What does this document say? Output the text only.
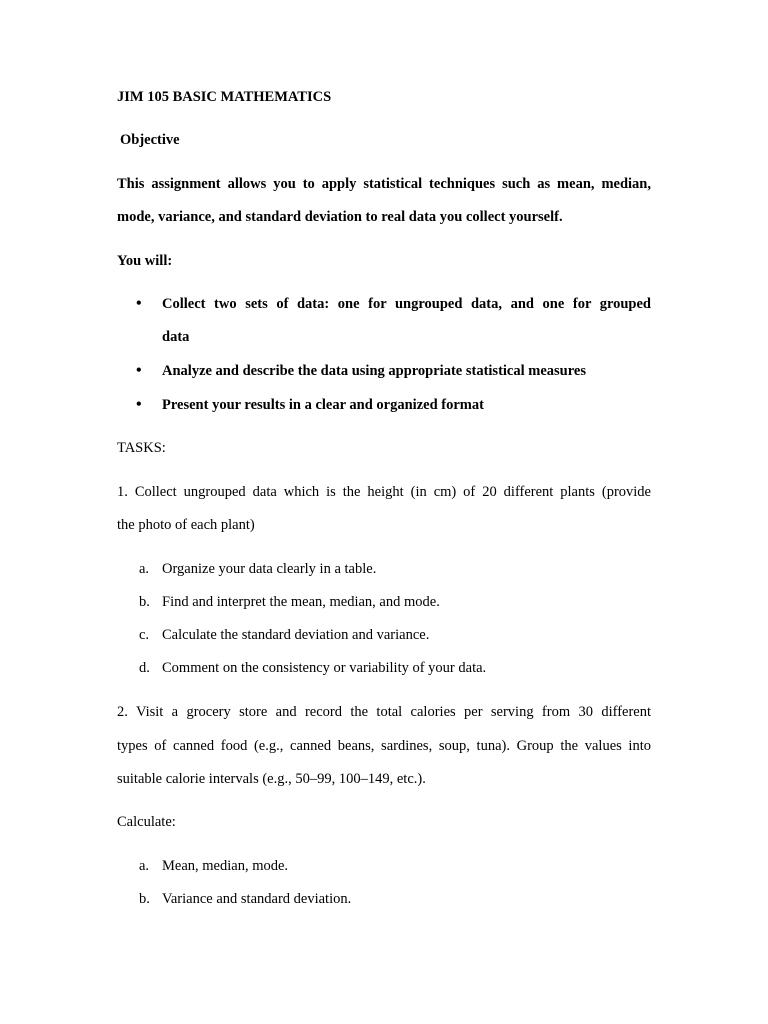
JIM 105 BASIC MATHEMATICS
Objective
This assignment allows you to apply statistical techniques such as mean, median,
mode, variance, and standard deviation to real data you collect yourself.
You will:
• Collect two sets of data: one for ungrouped data, and one for grouped
data
• Analyze and describe the data using appropriate statistical measures
• Present your results in a clear and organized format
TASKS:
1. Collect ungrouped data which is the height (in cm) of 20 different plants (provide
the photo of each plant)
a. Organize your data clearly in a table.
b. Find and interpret the mean, median, and mode.
c. Calculate the standard deviation and variance.
d. Comment on the consistency or variability of your data.
2. Visit a grocery store and record the total calories per serving from 30 different
types of canned food (e.g., canned beans, sardines, soup, tuna). Group the values into
suitable calorie intervals (e.g., 50–99, 100–149, etc.).
Calculate:
a. Mean, median, mode.
b. Variance and standard deviation.
